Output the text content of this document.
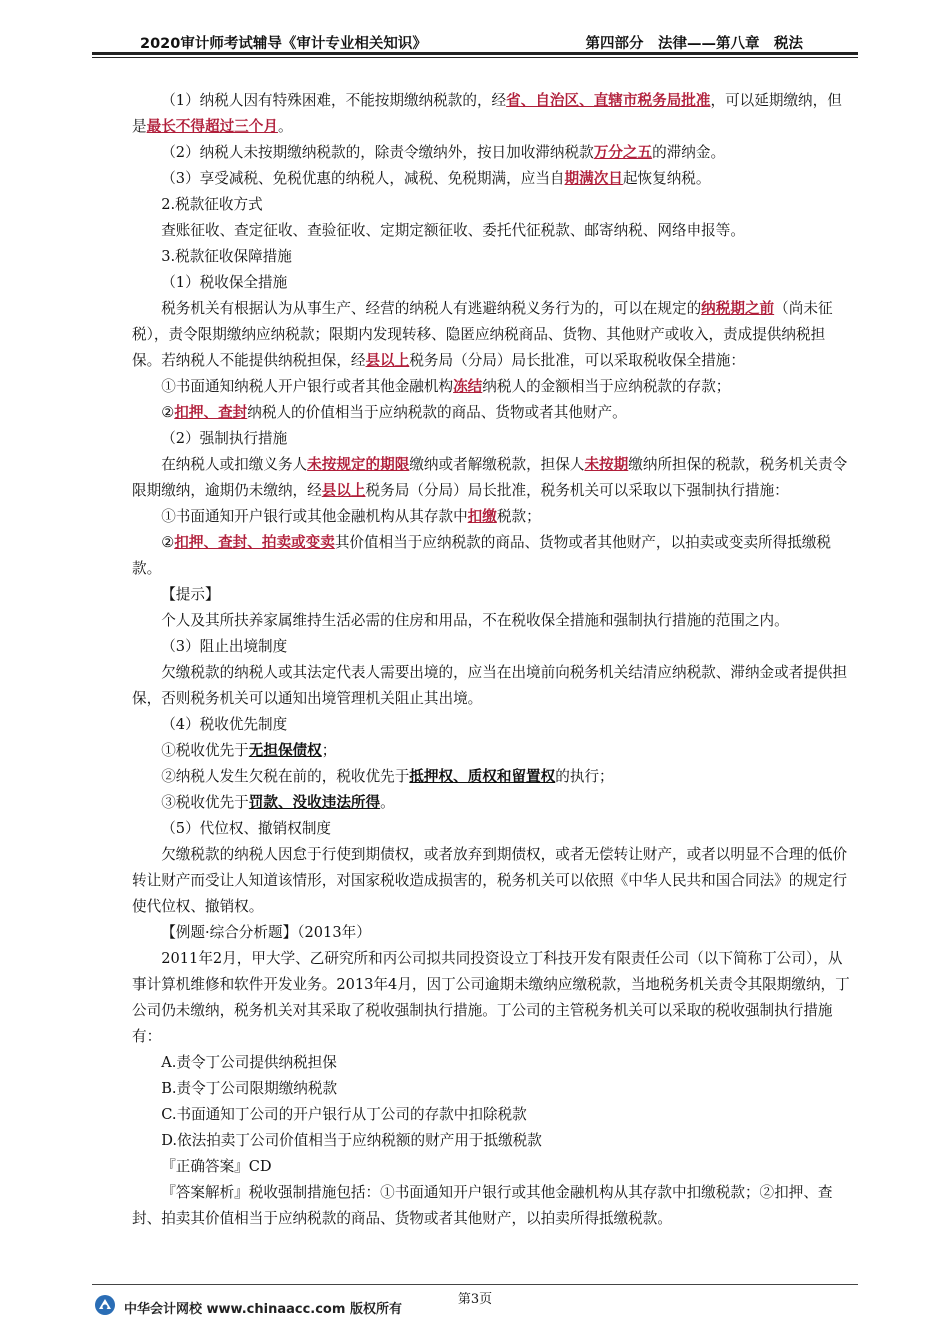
2020审计师考试辅导《审计专业相关知识》	第四部分　法律——第八章　税法

（1）纳税人因有特殊困难，不能按期缴纳税款的，经省、自治区、直辖市税务局批准，可以延期缴纳，但是最长不得超过三个月。

（2）纳税人未按期缴纳税款的，除责令缴纳外，按日加收滞纳税款万分之五的滞纳金。

（3）享受减税、免税优惠的纳税人，减税、免税期满，应当自期满次日起恢复纳税。

2.税款征收方式

查账征收、查定征收、查验征收、定期定额征收、委托代征税款、邮寄纳税、网络申报等。

3.税款征收保障措施

（1）税收保全措施

税务机关有根据认为从事生产、经营的纳税人有逃避纳税义务行为的，可以在规定的纳税期之前（尚未征税），责令限期缴纳应纳税款；限期内发现转移、隐匿应纳税商品、货物、其他财产或收入，责成提供纳税担保。若纳税人不能提供纳税担保，经县以上税务局（分局）局长批准，可以采取税收保全措施：

①书面通知纳税人开户银行或者其他金融机构冻结纳税人的金额相当于应纳税款的存款；

②扣押、查封纳税人的价值相当于应纳税款的商品、货物或者其他财产。

（2）强制执行措施

在纳税人或扣缴义务人未按规定的期限缴纳或者解缴税款，担保人未按期缴纳所担保的税款，税务机关责令限期缴纳，逾期仍未缴纳，经县以上税务局（分局）局长批准，税务机关可以采取以下强制执行措施：

①书面通知开户银行或其他金融机构从其存款中扣缴税款；

②扣押、查封、拍卖或变卖其价值相当于应纳税款的商品、货物或者其他财产，以拍卖或变卖所得抵缴税款。

【提示】

个人及其所扶养家属维持生活必需的住房和用品，不在税收保全措施和强制执行措施的范围之内。

（3）阻止出境制度

欠缴税款的纳税人或其法定代表人需要出境的，应当在出境前向税务机关结清应纳税款、滞纳金或者提供担保，否则税务机关可以通知出境管理机关阻止其出境。

（4）税收优先制度

①税收优先于无担保债权；

②纳税人发生欠税在前的，税收优先于抵押权、质权和留置权的执行；

③税收优先于罚款、没收违法所得。

（5）代位权、撤销权制度

欠缴税款的纳税人因怠于行使到期债权，或者放弃到期债权，或者无偿转让财产，或者以明显不合理的低价转让财产而受让人知道该情形，对国家税收造成损害的，税务机关可以依照《中华人民共和国合同法》的规定行使代位权、撤销权。

【例题·综合分析题】（2013年）

2011年2月，甲大学、乙研究所和丙公司拟共同投资设立丁科技开发有限责任公司（以下简称丁公司），从事计算机维修和软件开发业务。2013年4月，因丁公司逾期未缴纳应缴税款，当地税务机关责令其限期缴纳，丁公司仍未缴纳，税务机关对其采取了税收强制执行措施。丁公司的主管税务机关可以采取的税收强制执行措施有：

A.责令丁公司提供纳税担保

B.责令丁公司限期缴纳税款

C.书面通知丁公司的开户银行从丁公司的存款中扣除税款

D.依法拍卖丁公司价值相当于应纳税额的财产用于抵缴税款

『正确答案』CD

『答案解析』税收强制措施包括：①书面通知开户银行或其他金融机构从其存款中扣缴税款；②扣押、查封、拍卖其价值相当于应纳税款的商品、货物或者其他财产，以拍卖所得抵缴税款。

第3页
中华会计网校 www.chinaacc.com 版权所有
